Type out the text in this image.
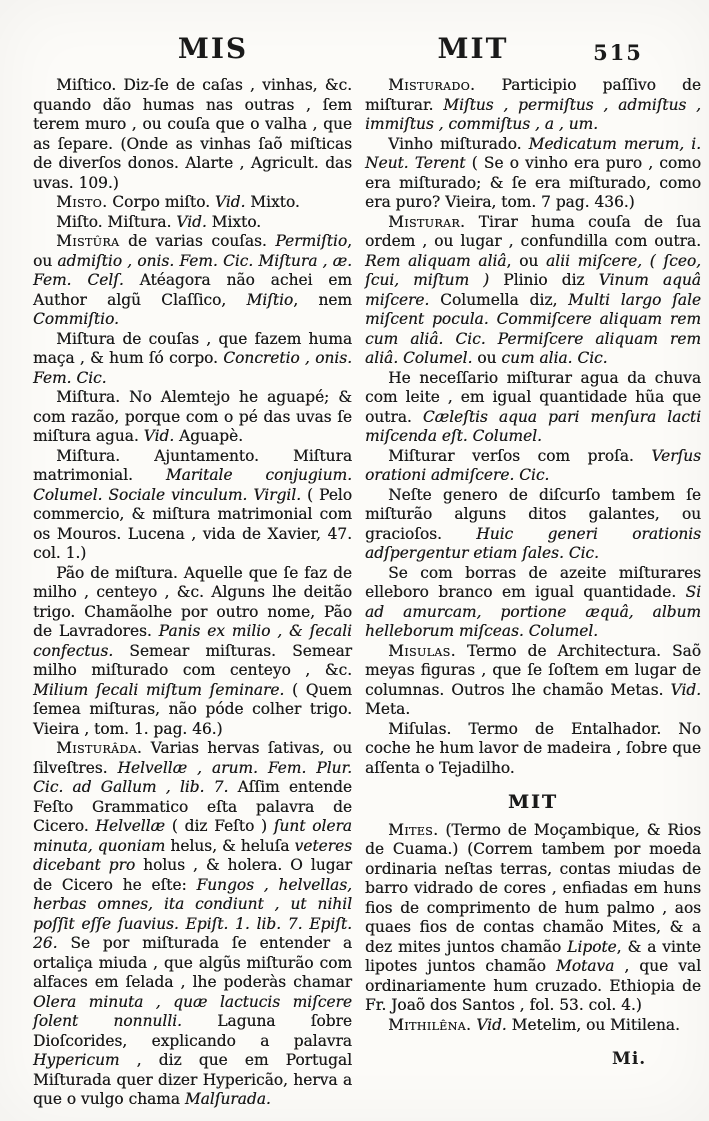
MIS	MIT	515

Miſtico. Diz-ſe de caſas , vinhas, &c. quando dão humas nas outras , ſem terem muro , ou couſa que o valha , que as ſepare. (Onde as vinhas ſaõ miſticas de diverſos donos. Alarte , Agricult. das uvas. 109.)

Misto. Corpo miſto. Vid. Mixto.

Miſto. Miſtura. Vid. Mixto.

Mistûra de varias couſas. Permiſtio, ou admiſtio , onis. Fem. Cic. Miſtura , æ. Fem. Celſ. Atéagora não achei em Author algũ Claſſico, Miſtio, nem Commiſtio.

Miſtura de couſas , que fazem huma maça , & hum ſó corpo. Concretio , onis. Fem. Cic.

Miſtura. No Alemtejo he aguapé; & com razão, porque com o pé das uvas ſe miſtura agua. Vid. Aguapè.

Miſtura. Ajuntamento. Miſtura matrimonial. Maritale conjugium. Columel. Sociale vinculum. Virgil. ( Pelo commercio, & miſtura matrimonial com os Mouros. Lucena , vida de Xavier, 47. col. 1.)

Pão de miſtura. Aquelle que ſe faz de milho , centeyo , &c. Alguns lhe deitão trigo. Chamãolhe por outro nome, Pão de Lavradores. Panis ex milio , & ſecali confectus. Semear miſturas. Semear milho miſturado com centeyo , &c. Milium ſecali miſtum ſeminare. ( Quem ſemea miſturas, não póde colher trigo. Vieira , tom. 1. pag. 46.)

Misturâda. Varias hervas ſativas, ou ſilveſtres. Helvellæ , arum. Fem. Plur. Cic. ad Gallum , lib. 7. Aſſim entende Feſto Grammatico eſta palavra de Cicero. Helvellæ ( diz Feſto ) ſunt olera minuta, quoniam helus, & heluſa veteres dicebant pro holus , & holera. O lugar de Cicero he eſte: Fungos , helvellas, herbas omnes, ita condiunt , ut nihil poſſit eſſe ſuavius. Epiſt. 1. lib. 7. Epiſt. 26. Se por miſturada ſe entender a ortaliça miuda , que algũs miſturão com alfaces em ſelada , lhe poderàs chamar Olera minuta , quæ lactucis miſcere ſolent nonnulli. Laguna ſobre Dioſcorides, explicando a palavra Hypericum , diz que em Portugal Miſturada quer dizer Hypericão, herva a que o vulgo chama Malſurada.

Misturado. Participio paſſivo de miſturar. Miſtus , permiſtus , admiſtus , immiſtus , commiſtus , a , um.

Vinho miſturado. Medicatum merum, i. Neut. Terent ( Se o vinho era puro , como era miſturado; & ſe era miſturado, como era puro? Vieira, tom. 7 pag. 436.)

Misturar. Tirar huma couſa de ſua ordem , ou lugar , confundilla com outra. Rem aliquam aliâ, ou alii miſcere, ( ſceo, ſcui, miſtum ) Plinio diz Vinum aquâ miſcere. Columella diz, Multi largo ſale miſcent pocula. Commiſcere aliquam rem cum aliâ. Cic. Permiſcere aliquam rem aliâ. Columel. ou cum alia. Cic.

He neceſſario miſturar agua da chuva com leite , em igual quantidade hũa que outra. Cæleſtis aqua pari menſura lacti miſcenda eſt. Columel.

Miſturar verſos com proſa. Verſus orationi admiſcere. Cic.

Neſte genero de diſcurſo tambem ſe miſturão alguns ditos galantes, ou gracioſos. Huic generi orationis adſpergentur etiam ſales. Cic.

Se com borras de azeite miſturares elleboro branco em igual quantidade. Si ad amurcam, portione æquâ, album helleborum miſceas. Columel.

Misulas. Termo de Architectura. Saõ meyas figuras , que ſe ſoſtem em lugar de columnas. Outros lhe chamão Metas. Vid. Meta.

Miſulas. Termo de Entalhador. No coche he hum lavor de madeira , ſobre que aſſenta o Tejadilho.

MIT

Mites. (Termo de Moçambique, & Rios de Cuama.) (Correm tambem por moeda ordinaria neſtas terras, contas miudas de barro vidrado de cores , enfiadas em huns fios de comprimento de hum palmo , aos quaes fios de contas chamão Mites, & a dez mites juntos chamão Lipote, & a vinte lipotes juntos chamão Motava , que val ordinariamente hum cruzado. Ethiopia de Fr. Joaõ dos Santos , fol. 53. col. 4.)

Mithilêna. Vid. Metelim, ou Mitilena.

Mi.
